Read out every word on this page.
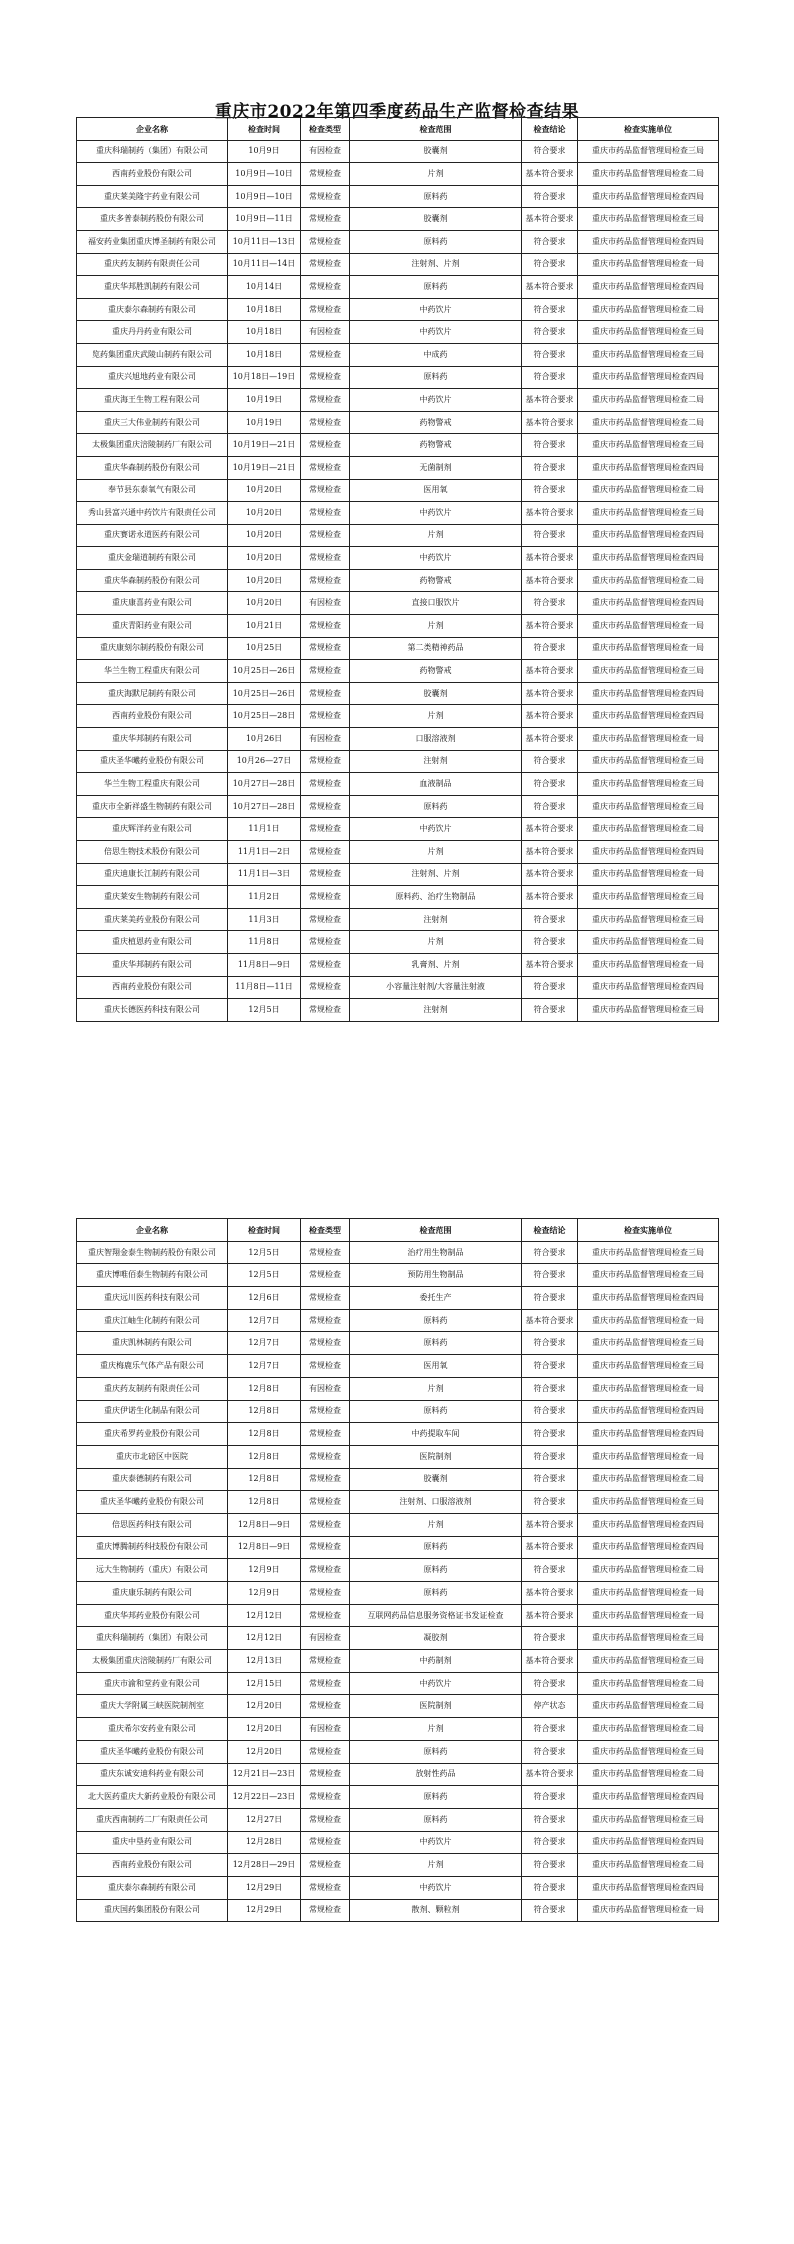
重庆市2022年第四季度药品生产监督检查结果
企业名称	检查时间	检查类型	检查范围	检查结论	检查实施单位
重庆科瑞制药（集团）有限公司	10月9日	有因检查	胶囊剂	符合要求	重庆市药品监督管理局检查三局
西南药业股份有限公司	10月9日—10日	常规检查	片剂	基本符合要求	重庆市药品监督管理局检查二局
重庆莱美隆宇药业有限公司	10月9日—10日	常规检查	原料药	符合要求	重庆市药品监督管理局检查四局
重庆多普泰制药股份有限公司	10月9日—11日	常规检查	胶囊剂	基本符合要求	重庆市药品监督管理局检查三局
福安药业集团重庆博圣制药有限公司	10月11日—13日	常规检查	原料药	符合要求	重庆市药品监督管理局检查四局
重庆药友制药有限责任公司	10月11日—14日	常规检查	注射剂、片剂	符合要求	重庆市药品监督管理局检查一局
重庆华邦胜凯制药有限公司	10月14日	常规检查	原料药	基本符合要求	重庆市药品监督管理局检查四局
重庆泰尔森制药有限公司	10月18日	常规检查	中药饮片	符合要求	重庆市药品监督管理局检查二局
重庆丹丹药业有限公司	10月18日	有因检查	中药饮片	符合要求	重庆市药品监督管理局检查三局
览药集团重庆武陵山制药有限公司	10月18日	常规检查	中成药	符合要求	重庆市药品监督管理局检查三局
重庆兴旭地药业有限公司	10月18日—19日	常规检查	原料药	符合要求	重庆市药品监督管理局检查四局
重庆海王生物工程有限公司	10月19日	常规检查	中药饮片	基本符合要求	重庆市药品监督管理局检查二局
重庆三大伟业制药有限公司	10月19日	常规检查	药物警戒	基本符合要求	重庆市药品监督管理局检查二局
太极集团重庆涪陵制药厂有限公司	10月19日—21日	常规检查	药物警戒	符合要求	重庆市药品监督管理局检查三局
重庆华森制药股份有限公司	10月19日—21日	常规检查	无菌制剂	符合要求	重庆市药品监督管理局检查四局
奉节县东泰氧气有限公司	10月20日	常规检查	医用氧	符合要求	重庆市药品监督管理局检查二局
秀山县富兴通中药饮片有限责任公司	10月20日	常规检查	中药饮片	基本符合要求	重庆市药品监督管理局检查三局
重庆赛诺永道医药有限公司	10月20日	常规检查	片剂	符合要求	重庆市药品监督管理局检查四局
重庆金瑞道制药有限公司	10月20日	常规检查	中药饮片	基本符合要求	重庆市药品监督管理局检查四局
重庆华森制药股份有限公司	10月20日	常规检查	药物警戒	基本符合要求	重庆市药品监督管理局检查二局
重庆康喜药业有限公司	10月20日	有因检查	直接口服饮片	符合要求	重庆市药品监督管理局检查四局
重庆青阳药业有限公司	10月21日	常规检查	片剂	基本符合要求	重庆市药品监督管理局检查一局
重庆康刻尔制药股份有限公司	10月25日	常规检查	第二类精神药品	符合要求	重庆市药品监督管理局检查一局
华兰生物工程重庆有限公司	10月25日—26日	常规检查	药物警戒	基本符合要求	重庆市药品监督管理局检查三局
重庆海默尼制药有限公司	10月25日—26日	常规检查	胶囊剂	基本符合要求	重庆市药品监督管理局检查四局
西南药业股份有限公司	10月25日—28日	常规检查	片剂	基本符合要求	重庆市药品监督管理局检查四局
重庆华邦制药有限公司	10月26日	有因检查	口服溶液剂	基本符合要求	重庆市药品监督管理局检查一局
重庆圣华曦药业股份有限公司	10月26—27日	常规检查	注射剂	符合要求	重庆市药品监督管理局检查三局
华兰生物工程重庆有限公司	10月27日—28日	常规检查	血液制品	符合要求	重庆市药品监督管理局检查三局
重庆市全新祥盛生物制药有限公司	10月27日—28日	常规检查	原料药	符合要求	重庆市药品监督管理局检查三局
重庆辉洋药业有限公司	11月1日	常规检查	中药饮片	基本符合要求	重庆市药品监督管理局检查二局
倍思生物技术股份有限公司	11月1日—2日	常规检查	片剂	基本符合要求	重庆市药品监督管理局检查四局
重庆迪康长江制药有限公司	11月1日—3日	常规检查	注射剂、片剂	基本符合要求	重庆市药品监督管理局检查一局
重庆莱安生物制药有限公司	11月2日	常规检查	原料药、治疗生物制品	基本符合要求	重庆市药品监督管理局检查三局
重庆莱美药业股份有限公司	11月3日	常规检查	注射剂	符合要求	重庆市药品监督管理局检查三局
重庆植恩药业有限公司	11月8日	常规检查	片剂	符合要求	重庆市药品监督管理局检查二局
重庆华邦制药有限公司	11月8日—9日	常规检查	乳膏剂、片剂	基本符合要求	重庆市药品监督管理局检查一局
西南药业股份有限公司	11月8日—11日	常规检查	小容量注射剂/大容量注射液	符合要求	重庆市药品监督管理局检查四局
重庆长德医药科技有限公司	12月5日	常规检查	注射剂	符合要求	重庆市药品监督管理局检查三局
企业名称	检查时间	检查类型	检查范围	检查结论	检查实施单位
重庆智翔金泰生物制药股份有限公司	12月5日	常规检查	治疗用生物制品	符合要求	重庆市药品监督管理局检查三局
重庆博唯佰泰生物制药有限公司	12月5日	常规检查	预防用生物制品	符合要求	重庆市药品监督管理局检查三局
重庆远川医药科技有限公司	12月6日	常规检查	委托生产	符合要求	重庆市药品监督管理局检查四局
重庆江岫生化制药有限公司	12月7日	常规检查	原料药	基本符合要求	重庆市药品监督管理局检查一局
重庆凯林制药有限公司	12月7日	常规检查	原料药	符合要求	重庆市药品监督管理局检查三局
重庆梅鹿乐气体产品有限公司	12月7日	常规检查	医用氧	符合要求	重庆市药品监督管理局检查三局
重庆药友制药有限责任公司	12月8日	有因检查	片剂	符合要求	重庆市药品监督管理局检查一局
重庆伊诺生化制品有限公司	12月8日	常规检查	原料药	符合要求	重庆市药品监督管理局检查四局
重庆希罗药业股份有限公司	12月8日	常规检查	中药提取车间	符合要求	重庆市药品监督管理局检查四局
重庆市北碚区中医院	12月8日	常规检查	医院制剂	符合要求	重庆市药品监督管理局检查一局
重庆泰德制药有限公司	12月8日	常规检查	胶囊剂	符合要求	重庆市药品监督管理局检查二局
重庆圣华曦药业股份有限公司	12月8日	常规检查	注射剂、口服溶液剂	符合要求	重庆市药品监督管理局检查三局
倍思医药科技有限公司	12月8日—9日	常规检查	片剂	基本符合要求	重庆市药品监督管理局检查四局
重庆博腾制药科技股份有限公司	12月8日—9日	常规检查	原料药	基本符合要求	重庆市药品监督管理局检查四局
远大生物制药（重庆）有限公司	12月9日	常规检查	原料药	符合要求	重庆市药品监督管理局检查二局
重庆康乐制药有限公司	12月9日	常规检查	原料药	基本符合要求	重庆市药品监督管理局检查一局
重庆华邦药业股份有限公司	12月12日	常规检查	互联网药品信息服务资格证书发证检查	基本符合要求	重庆市药品监督管理局检查一局
重庆科瑞制药（集团）有限公司	12月12日	有因检查	凝胶剂	符合要求	重庆市药品监督管理局检查三局
太极集团重庆涪陵制药厂有限公司	12月13日	常规检查	中药制剂	基本符合要求	重庆市药品监督管理局检查三局
重庆市渝和堂药业有限公司	12月15日	常规检查	中药饮片	符合要求	重庆市药品监督管理局检查二局
重庆大学附属三峡医院制剂室	12月20日	常规检查	医院制剂	停产状态	重庆市药品监督管理局检查二局
重庆希尔安药业有限公司	12月20日	有因检查	片剂	符合要求	重庆市药品监督管理局检查二局
重庆圣华曦药业股份有限公司	12月20日	常规检查	原料药	符合要求	重庆市药品监督管理局检查三局
重庆东诚安迪科药业有限公司	12月21日—23日	常规检查	放射性药品	基本符合要求	重庆市药品监督管理局检查二局
北大医药重庆大新药业股份有限公司	12月22日—23日	常规检查	原料药	符合要求	重庆市药品监督管理局检查四局
重庆西南制药二厂有限责任公司	12月27日	常规检查	原料药	符合要求	重庆市药品监督管理局检查三局
重庆中垦药业有限公司	12月28日	常规检查	中药饮片	符合要求	重庆市药品监督管理局检查四局
西南药业股份有限公司	12月28日—29日	常规检查	片剂	符合要求	重庆市药品监督管理局检查二局
重庆泰尔森制药有限公司	12月29日	常规检查	中药饮片	符合要求	重庆市药品监督管理局检查四局
重庆国药集团股份有限公司	12月29日	常规检查	散剂、颗粒剂	符合要求	重庆市药品监督管理局检查一局
